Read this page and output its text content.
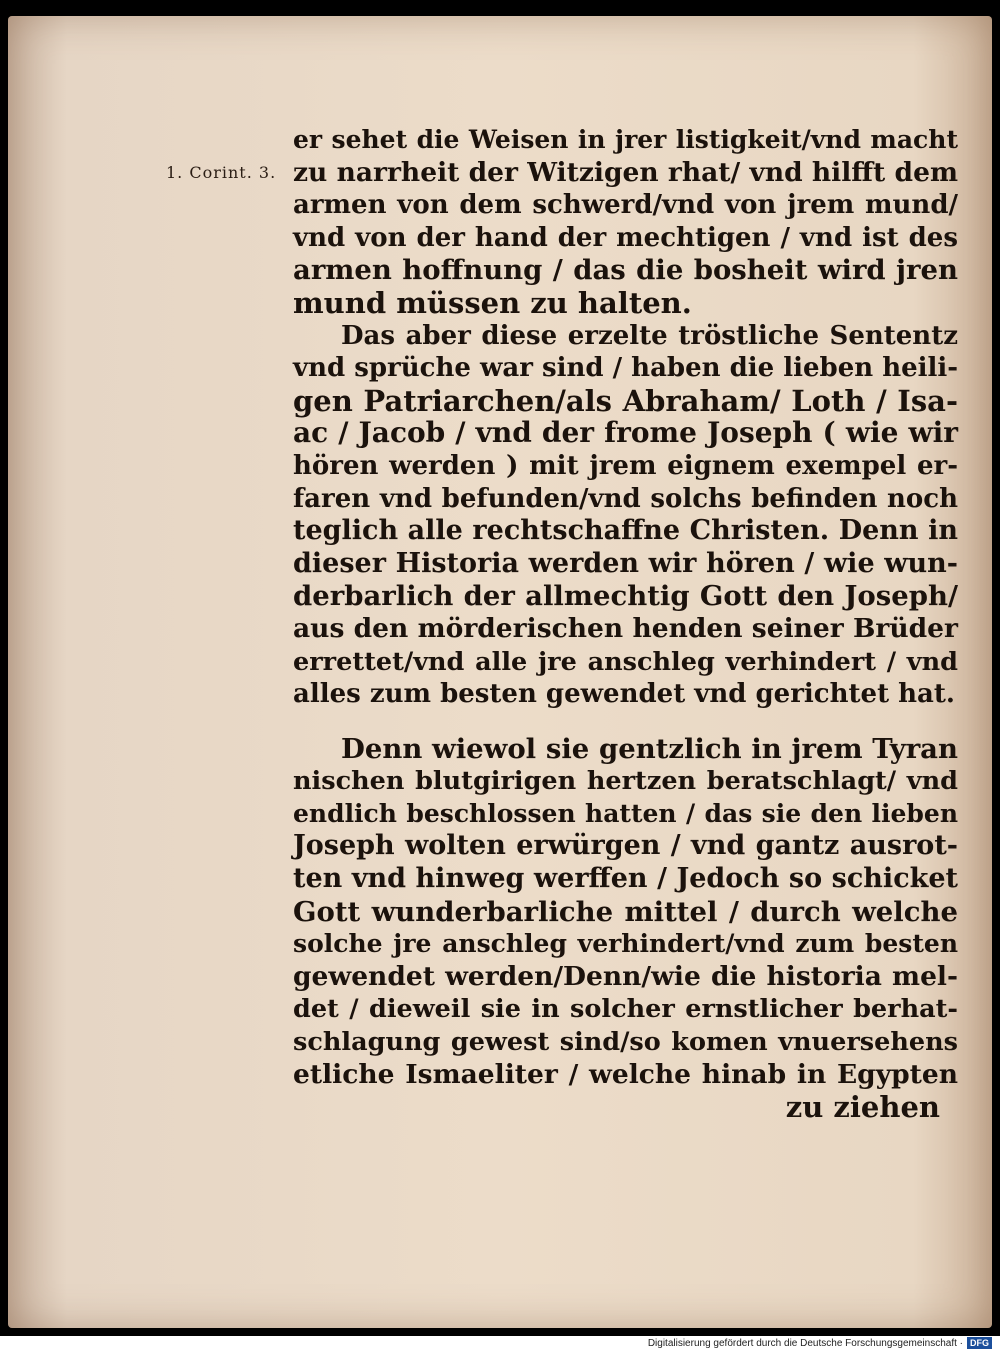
1. Corint. 3.
er sehet die Weisen in jrer listigkeit/vnd macht
zu narrheit der Witzigen rhat/ vnd hilfft dem
armen von dem schwerd/vnd von jrem mund/
vnd von der hand der mechtigen / vnd ist des
armen hoffnung / das die bosheit wird jren
mund müssen zu halten.
Das aber diese erzelte tröstliche Sententz
vnd sprüche war sind / haben die lieben heili-
gen Patriarchen/als Abraham/ Loth / Isa-
ac / Jacob / vnd der frome Joseph ( wie wir
hören werden ) mit jrem eignem exempel er-
faren vnd befunden/vnd solchs befinden noch
teglich alle rechtschaffne Christen. Denn in
dieser Historia werden wir hören / wie wun-
derbarlich der allmechtig Gott den Joseph/
aus den mörderischen henden seiner Brüder
errettet/vnd alle jre anschleg verhindert / vnd
alles zum besten gewendet vnd gerichtet hat.
Denn wiewol sie gentzlich in jrem Tyran
nischen blutgirigen hertzen beratschlagt/ vnd
endlich beschlossen hatten / das sie den lieben
Joseph wolten erwürgen / vnd gantz ausrot-
ten vnd hinweg werffen / Jedoch so schicket
Gott wunderbarliche mittel / durch welche
solche jre anschleg verhindert/vnd zum besten
gewendet werden/Denn/wie die historia mel-
det / dieweil sie in solcher ernstlicher berhat-
schlagung gewest sind/so komen vnuersehens
etliche Ismaeliter / welche hinab in Egypten
zu ziehen
Digitalisierung gefördert durch die Deutsche Forschungsgemeinschaft · DFG
